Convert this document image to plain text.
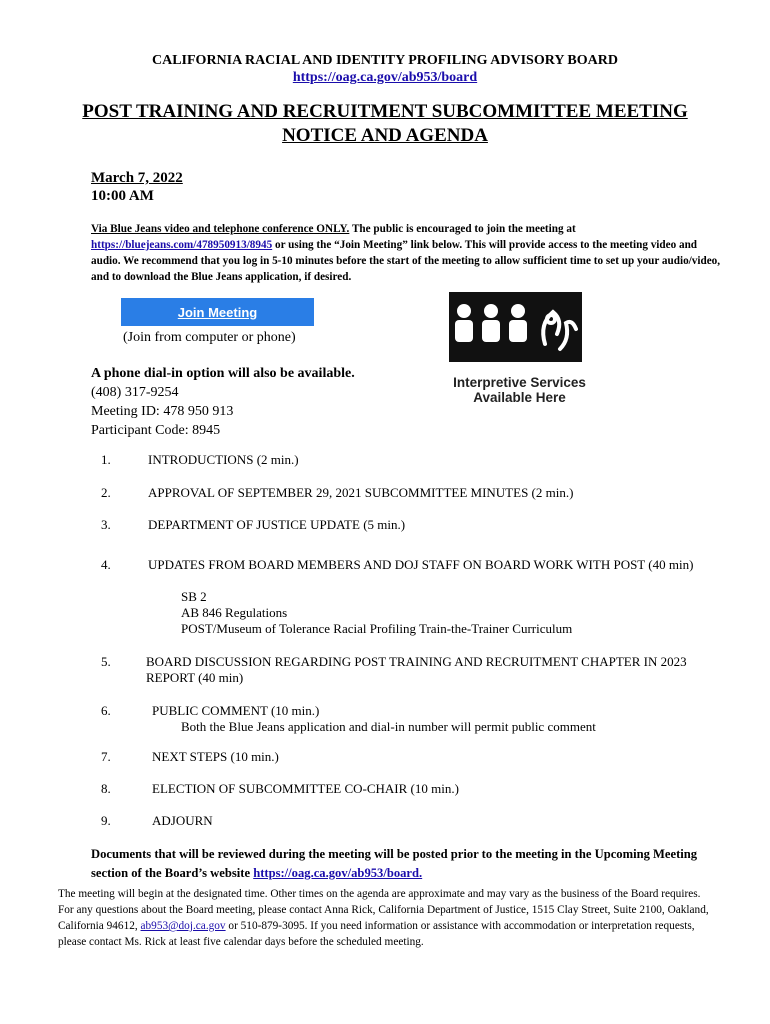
CALIFORNIA RACIAL AND IDENTITY PROFILING ADVISORY BOARD
https://oag.ca.gov/ab953/board
POST TRAINING AND RECRUITMENT SUBCOMMITTEE MEETING NOTICE AND AGENDA
March 7, 2022
10:00 AM
Via Blue Jeans video and telephone conference ONLY. The public is encouraged to join the meeting at https://bluejeans.com/478950913/8945 or using the “Join Meeting” link below. This will provide access to the meeting video and audio. We recommend that you log in 5-10 minutes before the start of the meeting to allow sufficient time to set up your audio/video, and to download the Blue Jeans application, if desired.
Join Meeting
(Join from computer or phone)
A phone dial-in option will also be available.
(408) 317-9254
Meeting ID: 478 950 913
Participant Code: 8945
Interpretive Services
Available Here
1.	INTRODUCTIONS (2 min.)
2.	APPROVAL OF SEPTEMBER 29, 2021 SUBCOMMITTEE MINUTES (2 min.)
3.	DEPARTMENT OF JUSTICE UPDATE (5 min.)
4.	UPDATES FROM BOARD MEMBERS AND DOJ STAFF ON BOARD WORK WITH POST (40 min)
SB 2
AB 846 Regulations
POST/Museum of Tolerance Racial Profiling Train-the-Trainer Curriculum
5.	BOARD DISCUSSION REGARDING POST TRAINING AND RECRUITMENT CHAPTER IN 2023 REPORT (40 min)
6.	PUBLIC COMMENT (10 min.)
Both the Blue Jeans application and dial-in number will permit public comment
7.	NEXT STEPS (10 min.)
8.	ELECTION OF SUBCOMMITTEE CO-CHAIR (10 min.)
9.	ADJOURN
Documents that will be reviewed during the meeting will be posted prior to the meeting in the Upcoming Meeting section of the Board’s website https://oag.ca.gov/ab953/board.
The meeting will begin at the designated time. Other times on the agenda are approximate and may vary as the business of the Board requires. For any questions about the Board meeting, please contact Anna Rick, California Department of Justice, 1515 Clay Street, Suite 2100, Oakland, California 94612, ab953@doj.ca.gov or 510-879-3095. If you need information or assistance with accommodation or interpretation requests, please contact Ms. Rick at least five calendar days before the scheduled meeting.
